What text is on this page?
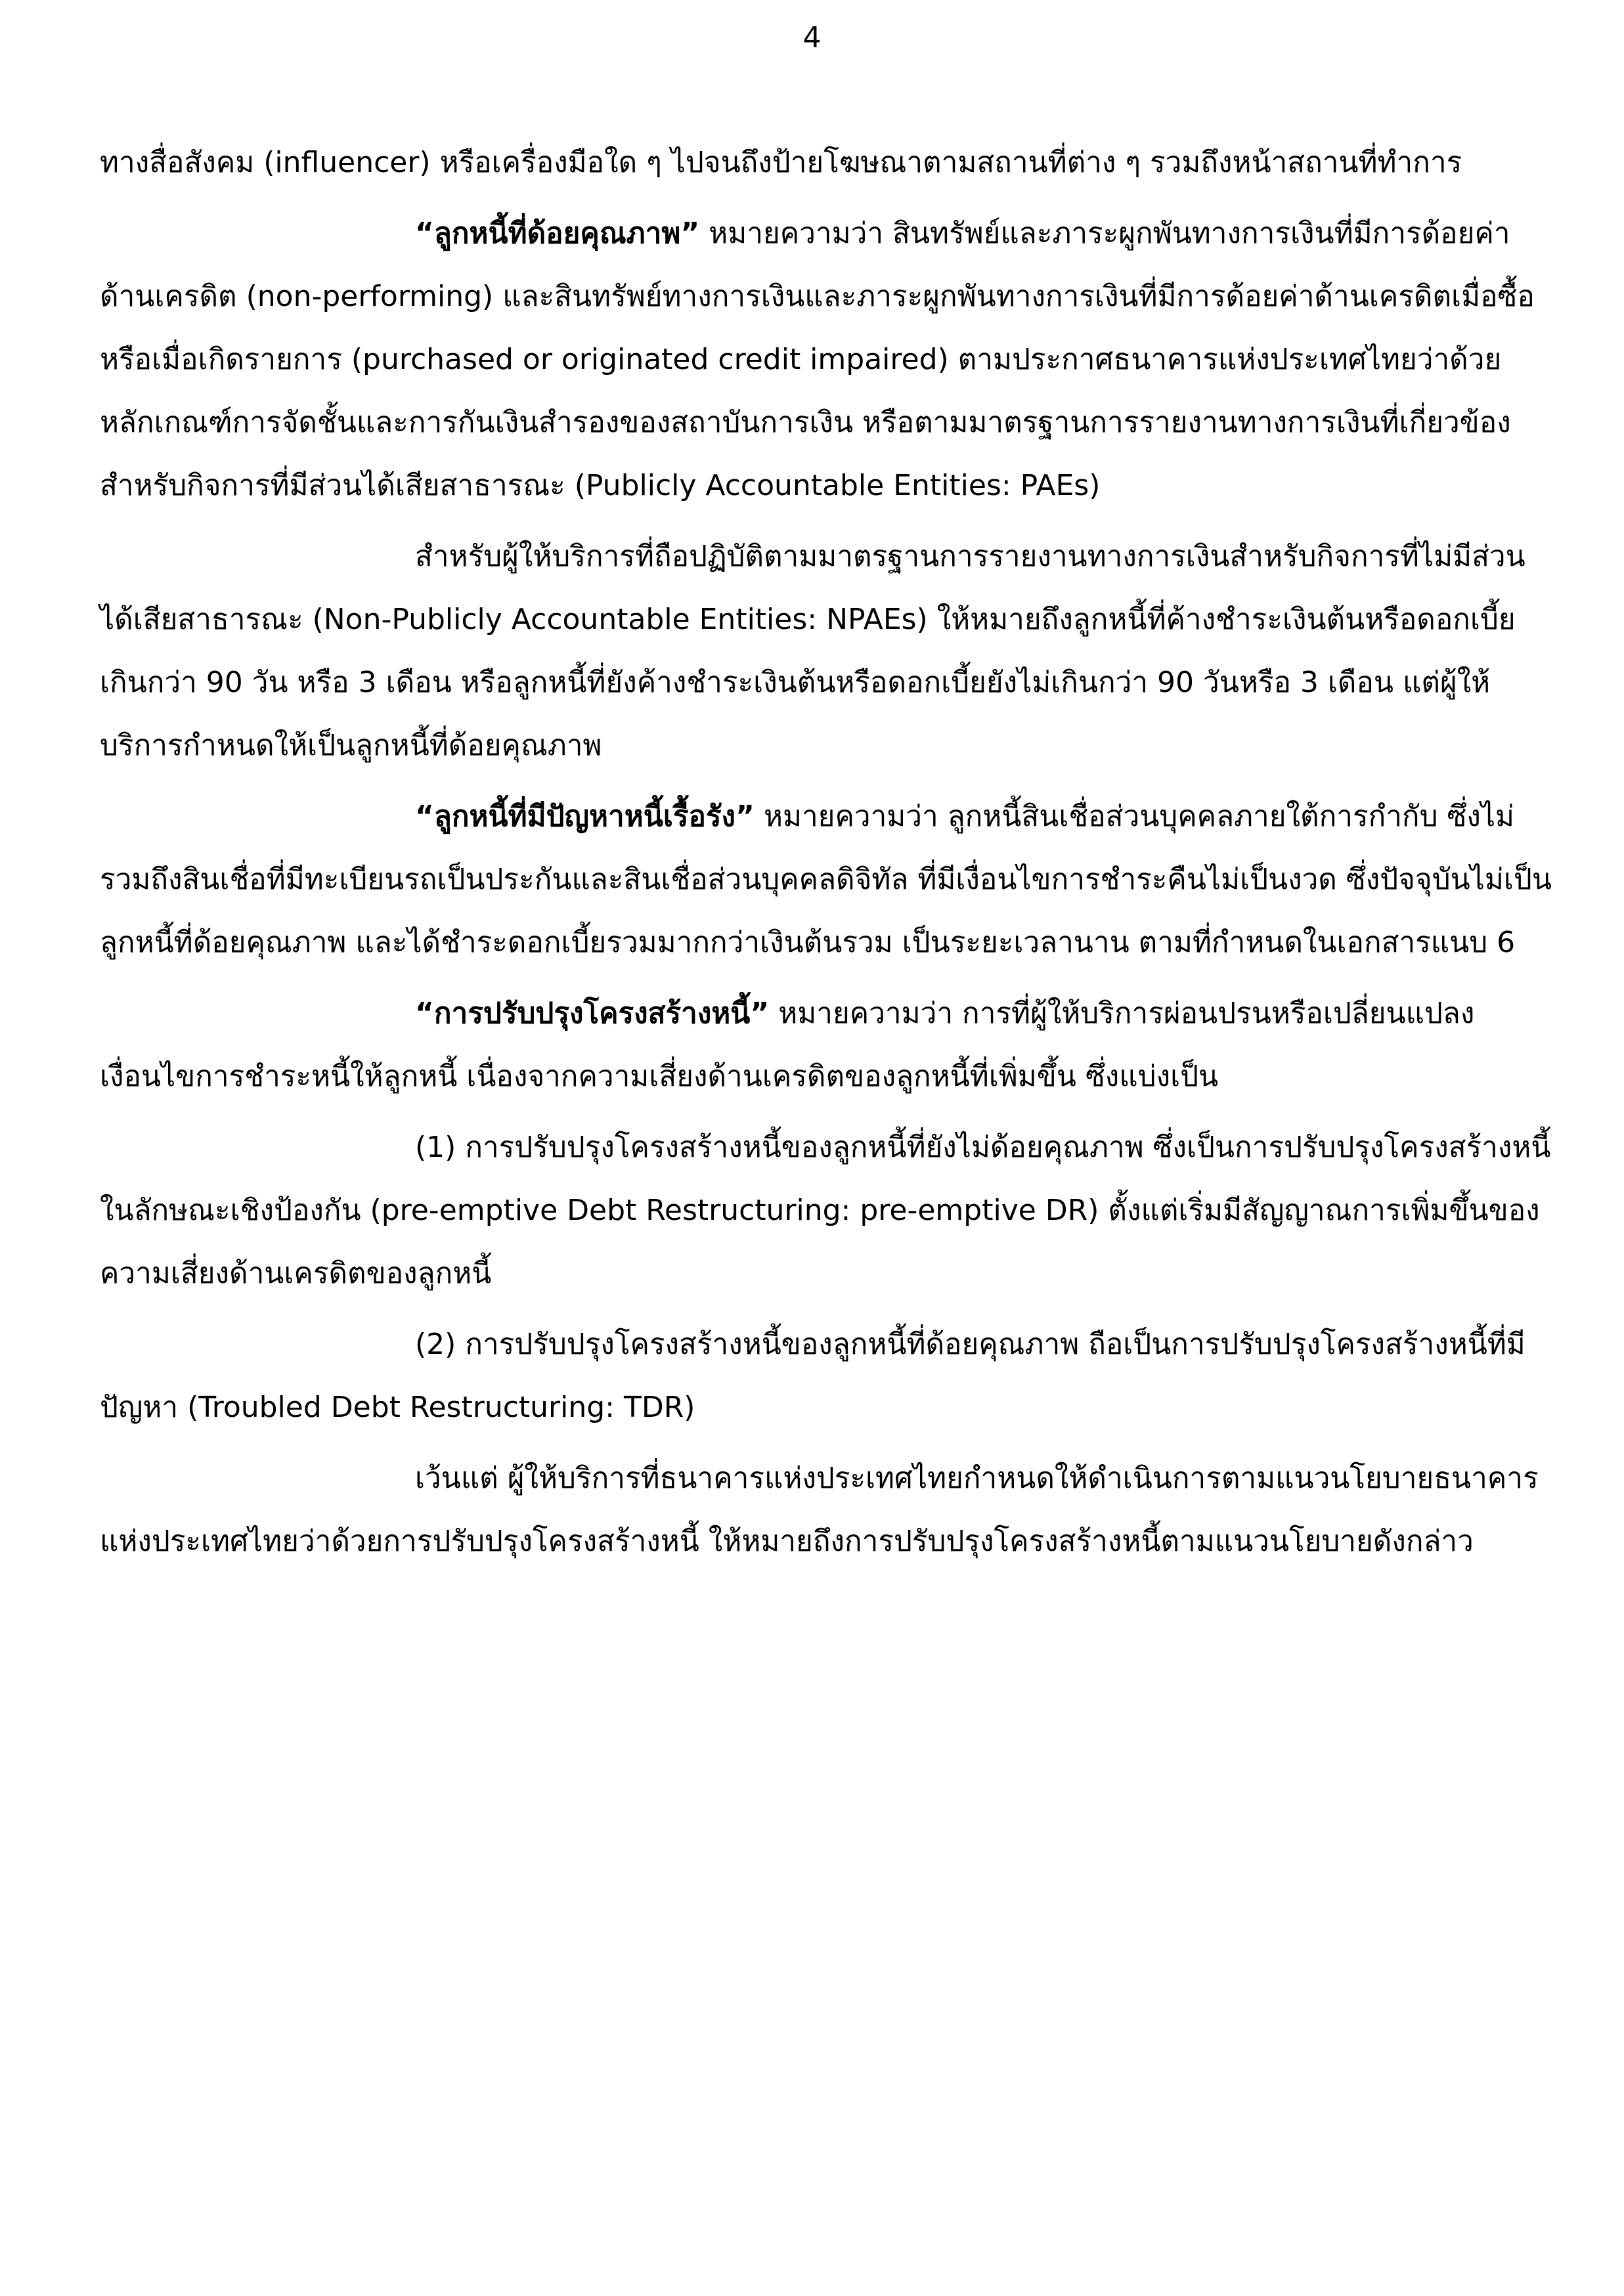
4

ทางสื่อสังคม (influencer) หรือเครื่องมือใด ๆ ไปจนถึงป้ายโฆษณาตามสถานที่ต่าง ๆ รวมถึงหน้าสถานที่ทำการ

“ลูกหนี้ที่ด้อยคุณภาพ” หมายความว่า สินทรัพย์และภาระผูกพันทางการเงินที่มีการด้อยค่าด้านเครดิต (non-performing) และสินทรัพย์ทางการเงินและภาระผูกพันทางการเงินที่มีการด้อยค่าด้านเครดิตเมื่อซื้อหรือเมื่อเกิดรายการ (purchased or originated credit impaired) ตามประกาศธนาคารแห่งประเทศไทยว่าด้วยหลักเกณฑ์การจัดชั้นและการกันเงินสำรองของสถาบันการเงิน หรือตามมาตรฐานการรายงานทางการเงินที่เกี่ยวข้องสำหรับกิจการที่มีส่วนได้เสียสาธารณะ (Publicly Accountable Entities: PAEs)

สำหรับผู้ให้บริการที่ถือปฏิบัติตามมาตรฐานการรายงานทางการเงินสำหรับกิจการที่ไม่มีส่วนได้เสียสาธารณะ (Non-Publicly Accountable Entities: NPAEs) ให้หมายถึงลูกหนี้ที่ค้างชำระเงินต้นหรือดอกเบี้ยเกินกว่า 90 วัน หรือ 3 เดือน หรือลูกหนี้ที่ยังค้างชำระเงินต้นหรือดอกเบี้ยยังไม่เกินกว่า 90 วันหรือ 3 เดือน แต่ผู้ให้บริการกำหนดให้เป็นลูกหนี้ที่ด้อยคุณภาพ

“ลูกหนี้ที่มีปัญหาหนี้เรื้อรัง” หมายความว่า ลูกหนี้สินเชื่อส่วนบุคคลภายใต้การกำกับ ซึ่งไม่รวมถึงสินเชื่อที่มีทะเบียนรถเป็นประกันและสินเชื่อส่วนบุคคลดิจิทัล ที่มีเงื่อนไขการชำระคืนไม่เป็นงวด ซึ่งปัจจุบันไม่เป็นลูกหนี้ที่ด้อยคุณภาพ และได้ชำระดอกเบี้ยรวมมากกว่าเงินต้นรวม เป็นระยะเวลานาน ตามที่กำหนดในเอกสารแนบ 6

“การปรับปรุงโครงสร้างหนี้” หมายความว่า การที่ผู้ให้บริการผ่อนปรนหรือเปลี่ยนแปลงเงื่อนไขการชำระหนี้ให้ลูกหนี้ เนื่องจากความเสี่ยงด้านเครดิตของลูกหนี้ที่เพิ่มขึ้น ซึ่งแบ่งเป็น

(1) การปรับปรุงโครงสร้างหนี้ของลูกหนี้ที่ยังไม่ด้อยคุณภาพ ซึ่งเป็นการปรับปรุงโครงสร้างหนี้ในลักษณะเชิงป้องกัน (pre-emptive Debt Restructuring: pre-emptive DR) ตั้งแต่เริ่มมีสัญญาณการเพิ่มขึ้นของความเสี่ยงด้านเครดิตของลูกหนี้

(2) การปรับปรุงโครงสร้างหนี้ของลูกหนี้ที่ด้อยคุณภาพ ถือเป็นการปรับปรุงโครงสร้างหนี้ที่มีปัญหา (Troubled Debt Restructuring: TDR)

เว้นแต่ ผู้ให้บริการที่ธนาคารแห่งประเทศไทยกำหนดให้ดำเนินการตามแนวนโยบายธนาคารแห่งประเทศไทยว่าด้วยการปรับปรุงโครงสร้างหนี้ ให้หมายถึงการปรับปรุงโครงสร้างหนี้ตามแนวนโยบายดังกล่าว
